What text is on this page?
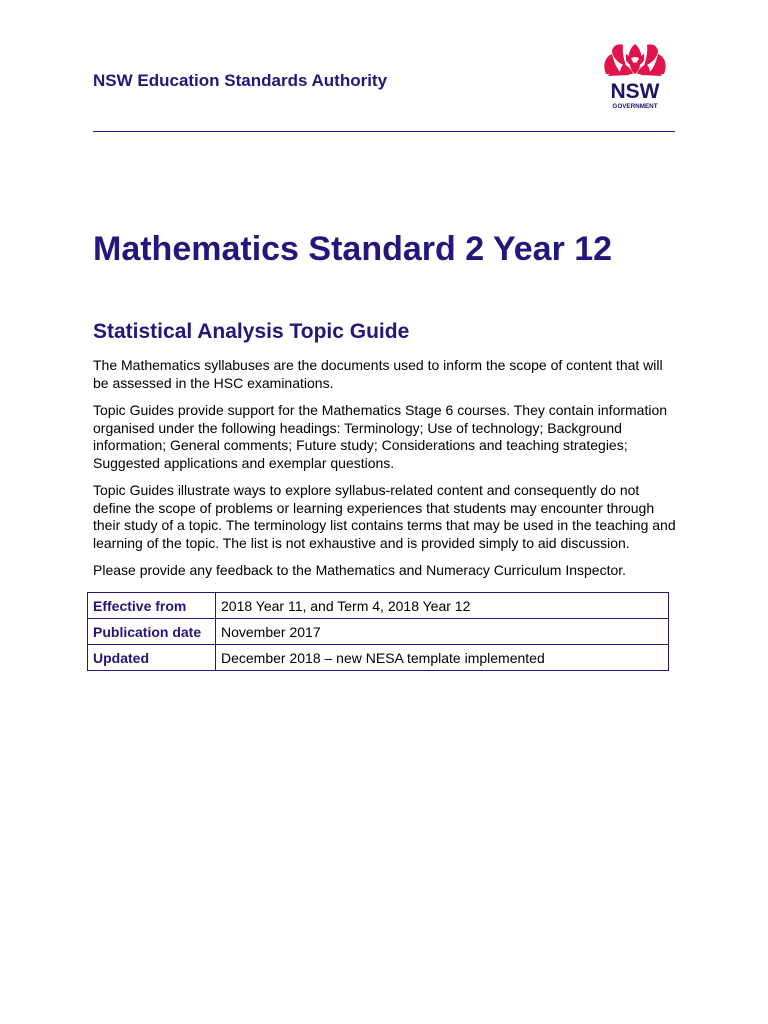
NSW Education Standards Authority	NSW
GOVERNMENT
Mathematics Standard 2 Year 12
Statistical Analysis Topic Guide

The Mathematics syllabuses are the documents used to inform the scope of content that will
be assessed in the HSC examinations.

Topic Guides provide support for the Mathematics Stage 6 courses. They contain information
organised under the following headings: Terminology; Use of technology; Background
information; General comments; Future study; Considerations and teaching strategies;
Suggested applications and exemplar questions.

Topic Guides illustrate ways to explore syllabus-related content and consequently do not
define the scope of problems or learning experiences that students may encounter through
their study of a topic. The terminology list contains terms that may be used in the teaching and
learning of the topic. The list is not exhaustive and is provided simply to aid discussion.

Please provide any feedback to the Mathematics and Numeracy Curriculum Inspector.

Effective from	2018 Year 11, and Term 4, 2018 Year 12
Publication date	November 2017
Updated	December 2018 – new NESA template implemented
